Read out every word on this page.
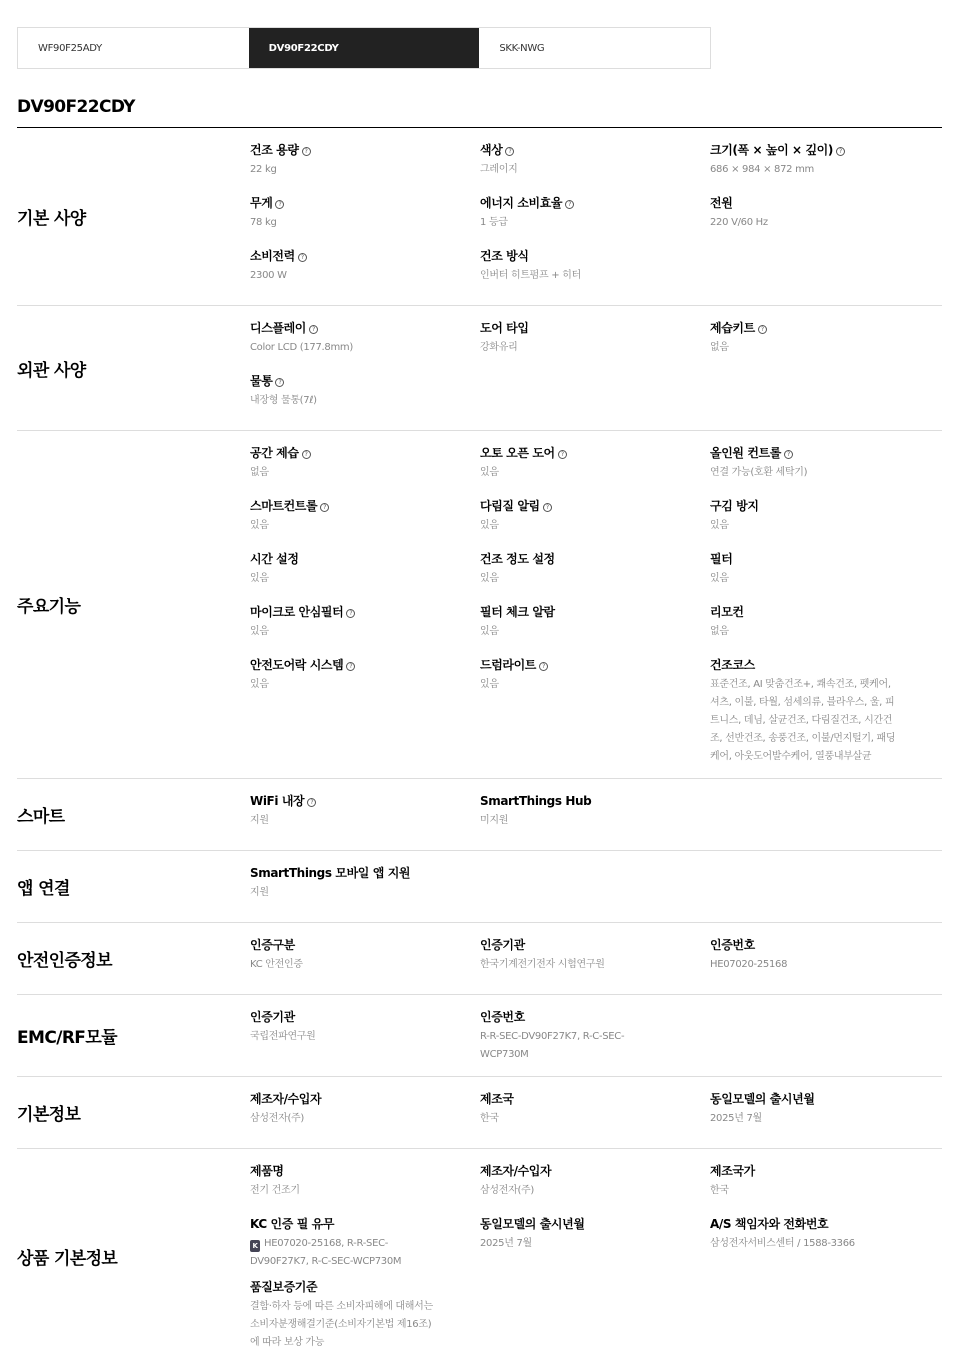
WF90F25ADY	DV90F22CDY	SKK-NWG
DV90F22CDY
기본 사양
건조 용량 ?
22 kg
색상 ?
그레이지
크기(폭 × 높이 × 깊이) ?
686 × 984 × 872 mm
무게 ?
78 kg
에너지 소비효율 ?
1 등급
전원
220 V/60 Hz
소비전력 ?
2300 W
건조 방식
인버터 히트펌프 + 히터
외관 사양
디스플레이 ?
Color LCD (177.8mm)
도어 타입
강화유리
제습키트 ?
없음
물통 ?
내장형 물통(7ℓ)
주요기능
공간 제습 ?
없음
오토 오픈 도어 ?
있음
올인원 컨트롤 ?
연결 가능(호환 세탁기)
스마트컨트롤 ?
있음
다림질 알림 ?
있음
구김 방지
있음
시간 설정
있음
건조 정도 설정
있음
필터
있음
마이크로 안심필터 ?
있음
필터 체크 알람
있음
리모컨
없음
안전도어락 시스템 ?
있음
드럼라이트 ?
있음
건조코스
표준건조, AI 맞춤건조+, 쾌속건조, 펫케어, 셔츠, 이불, 타월, 섬세의류, 블라우스, 울, 피트니스, 데님, 살균건조, 다림질건조, 시간건조, 선반건조, 송풍건조, 이불/먼지털기, 패딩케어, 아웃도어발수케어, 열풍내부살균
스마트
WiFi 내장 ?
지원
SmartThings Hub
미지원
앱 연결
SmartThings 모바일 앱 지원
지원
안전인증정보
인증구분
KC 안전인증
인증기관
한국기계전기전자 시험연구원
인증번호
HE07020-25168
EMC/RF모듈
인증기관
국립전파연구원
인증번호
R-R-SEC-DV90F27K7, R-C-SEC-WCP730M
기본정보
제조자/수입자
삼성전자(주)
제조국
한국
동일모델의 출시년월
2025년 7월
상품 기본정보
제품명
전기 건조기
제조자/수입자
삼성전자(주)
제조국가
한국
KC 인증 필 유무
K HE07020-25168, R-R-SEC-DV90F27K7, R-C-SEC-WCP730M
동일모델의 출시년월
2025년 7월
A/S 책임자와 전화번호
삼성전자서비스센터 / 1588-3366
품질보증기준
결함·하자 등에 따른 소비자피해에 대해서는 소비자분쟁해결기준(소비자기본법 제16조)에 따라 보상 가능
